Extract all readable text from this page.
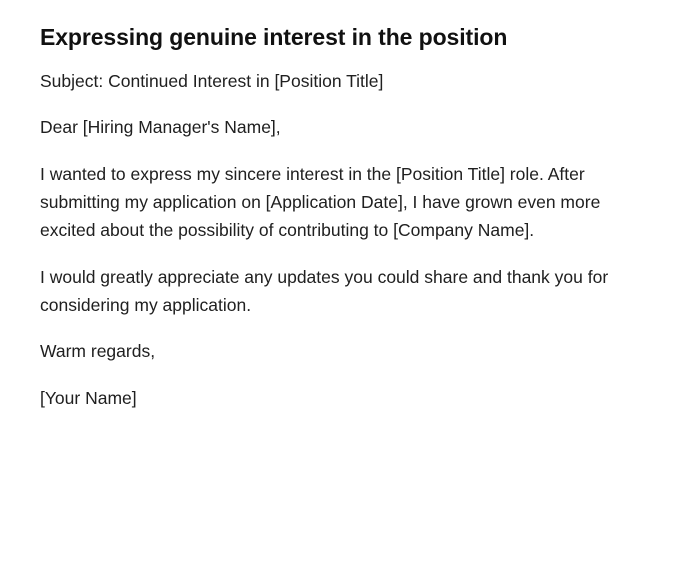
Expressing genuine interest in the position

Subject: Continued Interest in [Position Title]

Dear [Hiring Manager's Name],

I wanted to express my sincere interest in the [Position Title] role. After submitting my application on [Application Date], I have grown even more excited about the possibility of contributing to [Company Name].

I would greatly appreciate any updates you could share and thank you for considering my application.

Warm regards,

[Your Name]
